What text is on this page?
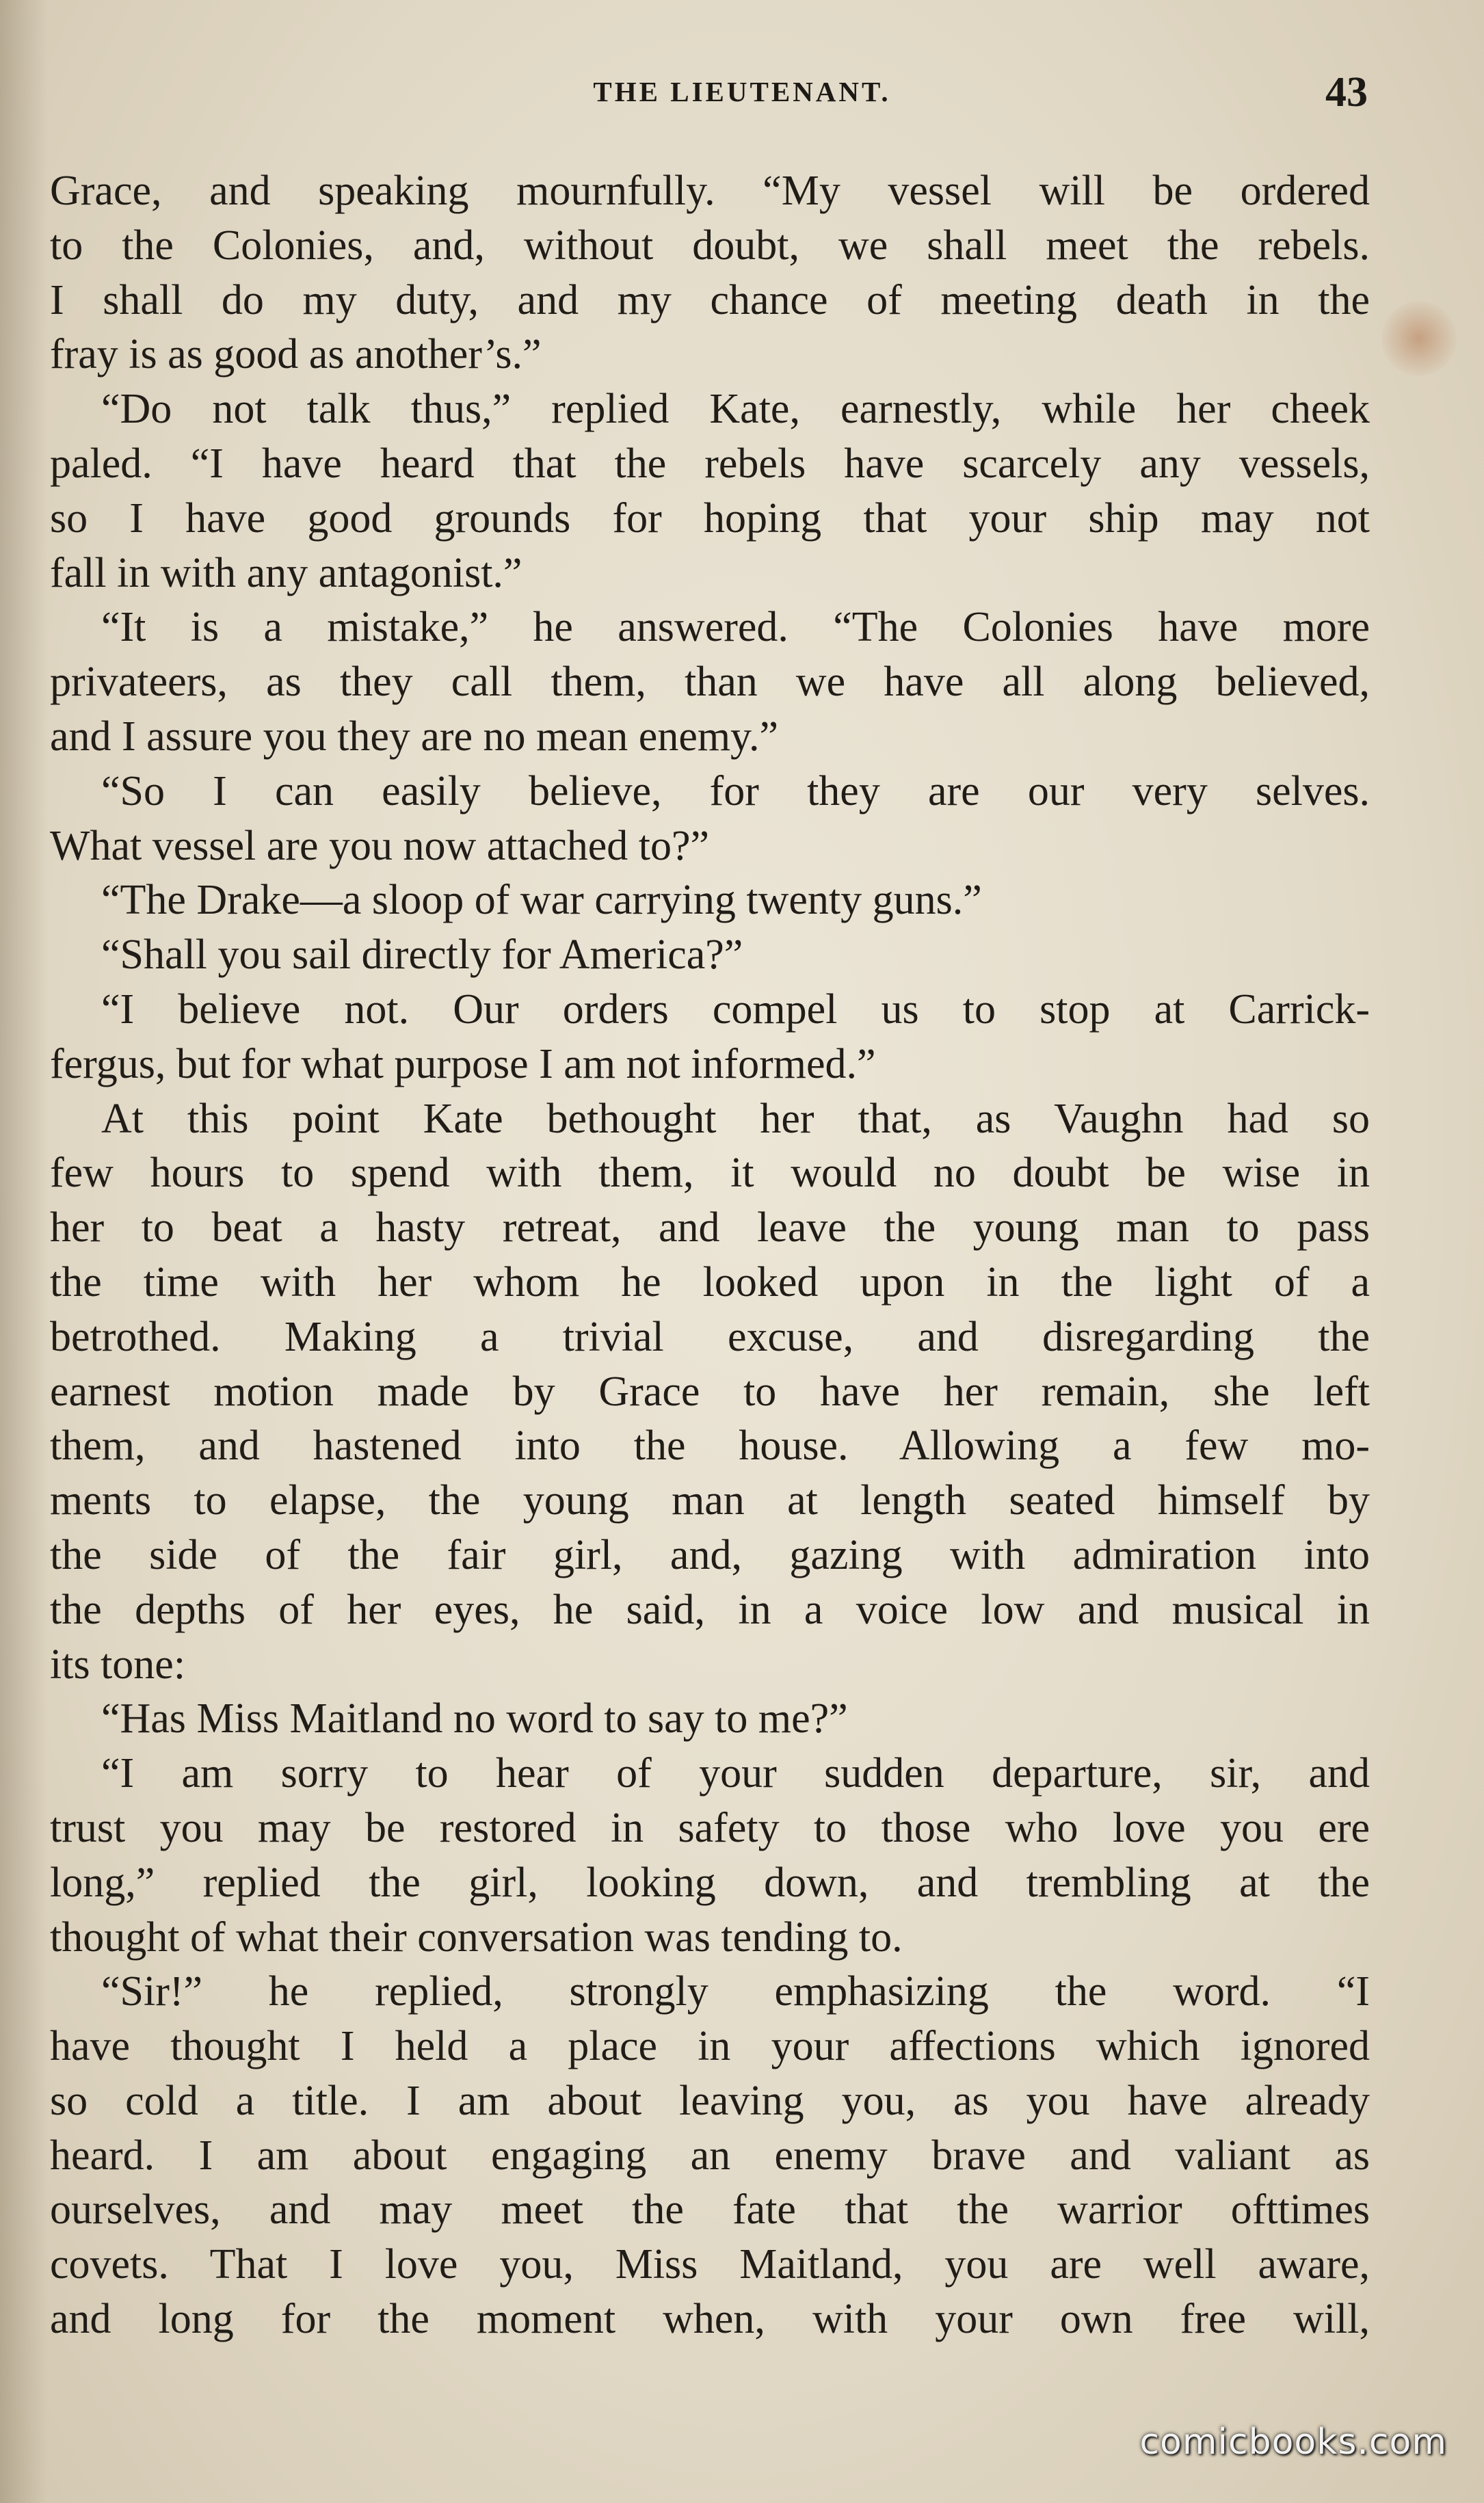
THE LIEUTENANT.	43
Grace, and speaking mournfully. “My vessel will be ordered
to the Colonies, and, without doubt, we shall meet the rebels.
I shall do my duty, and my chance of meeting death in the
fray is as good as another’s.”
“Do not talk thus,” replied Kate, earnestly, while her cheek
paled. “I have heard that the rebels have scarcely any vessels,
so I have good grounds for hoping that your ship may not
fall in with any antagonist.”
“It is a mistake,” he answered. “The Colonies have more
privateers, as they call them, than we have all along believed,
and I assure you they are no mean enemy.”
“So I can easily believe, for they are our very selves.
What vessel are you now attached to?”
“The Drake—a sloop of war carrying twenty guns.”
“Shall you sail directly for America?”
“I believe not. Our orders compel us to stop at Carrick-
fergus, but for what purpose I am not informed.”
At this point Kate bethought her that, as Vaughn had so
few hours to spend with them, it would no doubt be wise in
her to beat a hasty retreat, and leave the young man to pass
the time with her whom he looked upon in the light of a
betrothed. Making a trivial excuse, and disregarding the
earnest motion made by Grace to have her remain, she left
them, and hastened into the house. Allowing a few mo-
ments to elapse, the young man at length seated himself by
the side of the fair girl, and, gazing with admiration into
the depths of her eyes, he said, in a voice low and musical in
its tone:
“Has Miss Maitland no word to say to me?”
“I am sorry to hear of your sudden departure, sir, and
trust you may be restored in safety to those who love you ere
long,” replied the girl, looking down, and trembling at the
thought of what their conversation was tending to.
“Sir!” he replied, strongly emphasizing the word. “I
have thought I held a place in your affections which ignored
so cold a title. I am about leaving you, as you have already
heard. I am about engaging an enemy brave and valiant as
ourselves, and may meet the fate that the warrior ofttimes
covets. That I love you, Miss Maitland, you are well aware,
and long for the moment when, with your own free will,
comicbooks.com
